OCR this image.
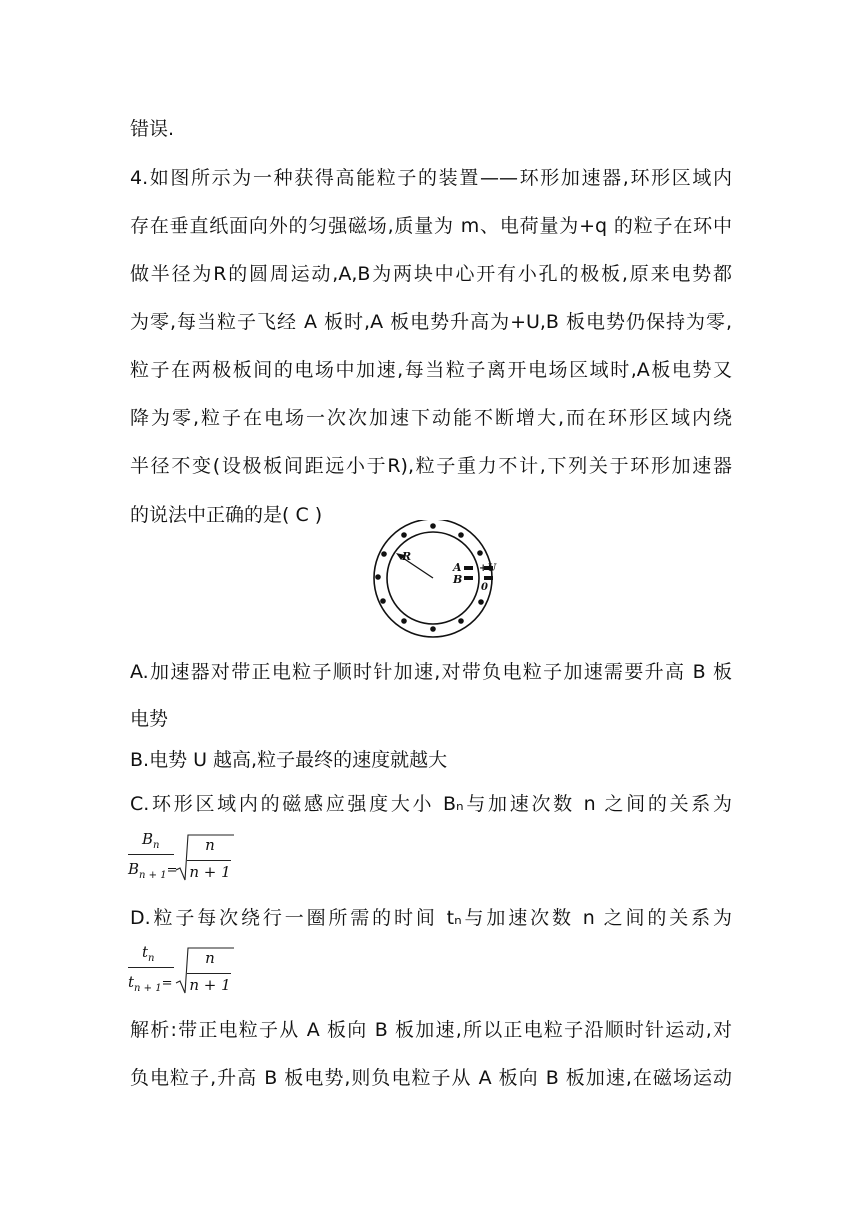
错误.
4.如图所示为一种获得高能粒子的装置——环形加速器,环形区域内
存在垂直纸面向外的匀强磁场,质量为 m、电荷量为+q 的粒子在环中
做半径为R的圆周运动,A,B为两块中心开有小孔的极板,原来电势都
为零,每当粒子飞经 A 板时,A 板电势升高为+U,B 板电势仍保持为零,
粒子在两极板间的电场中加速,每当粒子离开电场区域时,A板电势又
降为零,粒子在电场一次次加速下动能不断增大,而在环形区域内绕
半径不变(设极板间距远小于R),粒子重力不计,下列关于环形加速器
的说法中正确的是( C )
R
A
B
+U
0
A.加速器对带正电粒子顺时针加速,对带负电粒子加速需要升高 B 板
电势
B.电势 U 越高,粒子最终的速度就越大
C.环形区域内的磁感应强度大小 Bₙ与加速次数 n 之间的关系为
$B_n$
$B_{n + 1}=$
n
n + 1
D.粒子每次绕行一圈所需的时间 tₙ与加速次数 n 之间的关系为
$t_n$
$t_{n + 1}=$
n
n + 1
解析:带正电粒子从 A 板向 B 板加速,所以正电粒子沿顺时针运动,对
负电粒子,升高 B 板电势,则负电粒子从 A 板向 B 板加速,在磁场运动
